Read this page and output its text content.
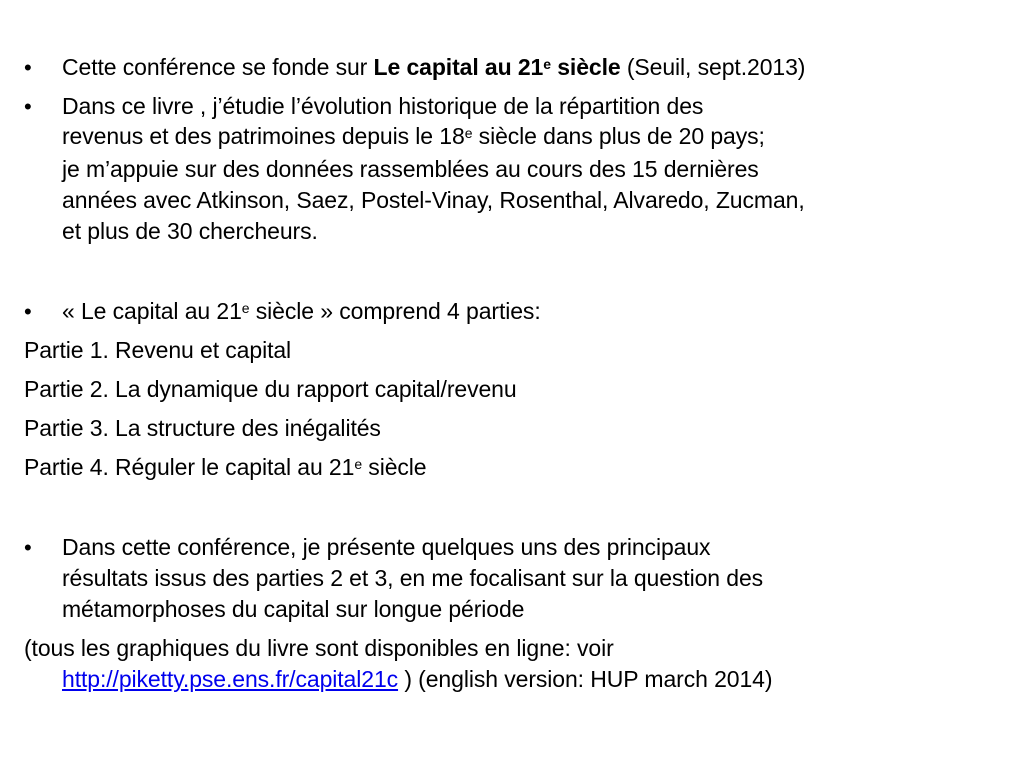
• Cette conférence se fonde sur Le capital au 21e siècle (Seuil, sept.2013)
• Dans ce livre , j’étudie l’évolution historique de la répartition des
revenus et des patrimoines depuis le 18e siècle dans plus de 20 pays;
je m’appuie sur des données rassemblées au cours des 15 dernières
années avec Atkinson, Saez, Postel-Vinay, Rosenthal, Alvaredo, Zucman,
et plus de 30 chercheurs.
• « Le capital au 21e siècle » comprend 4 parties:
Partie 1. Revenu et capital
Partie 2. La dynamique du rapport capital/revenu
Partie 3. La structure des inégalités
Partie 4. Réguler le capital au 21e siècle
• Dans cette conférence, je présente quelques uns des principaux
résultats issus des parties 2 et 3, en me focalisant sur la question des
métamorphoses du capital sur longue période
(tous les graphiques du livre sont disponibles en ligne: voir
http://piketty.pse.ens.fr/capital21c ) (english version: HUP march 2014)
